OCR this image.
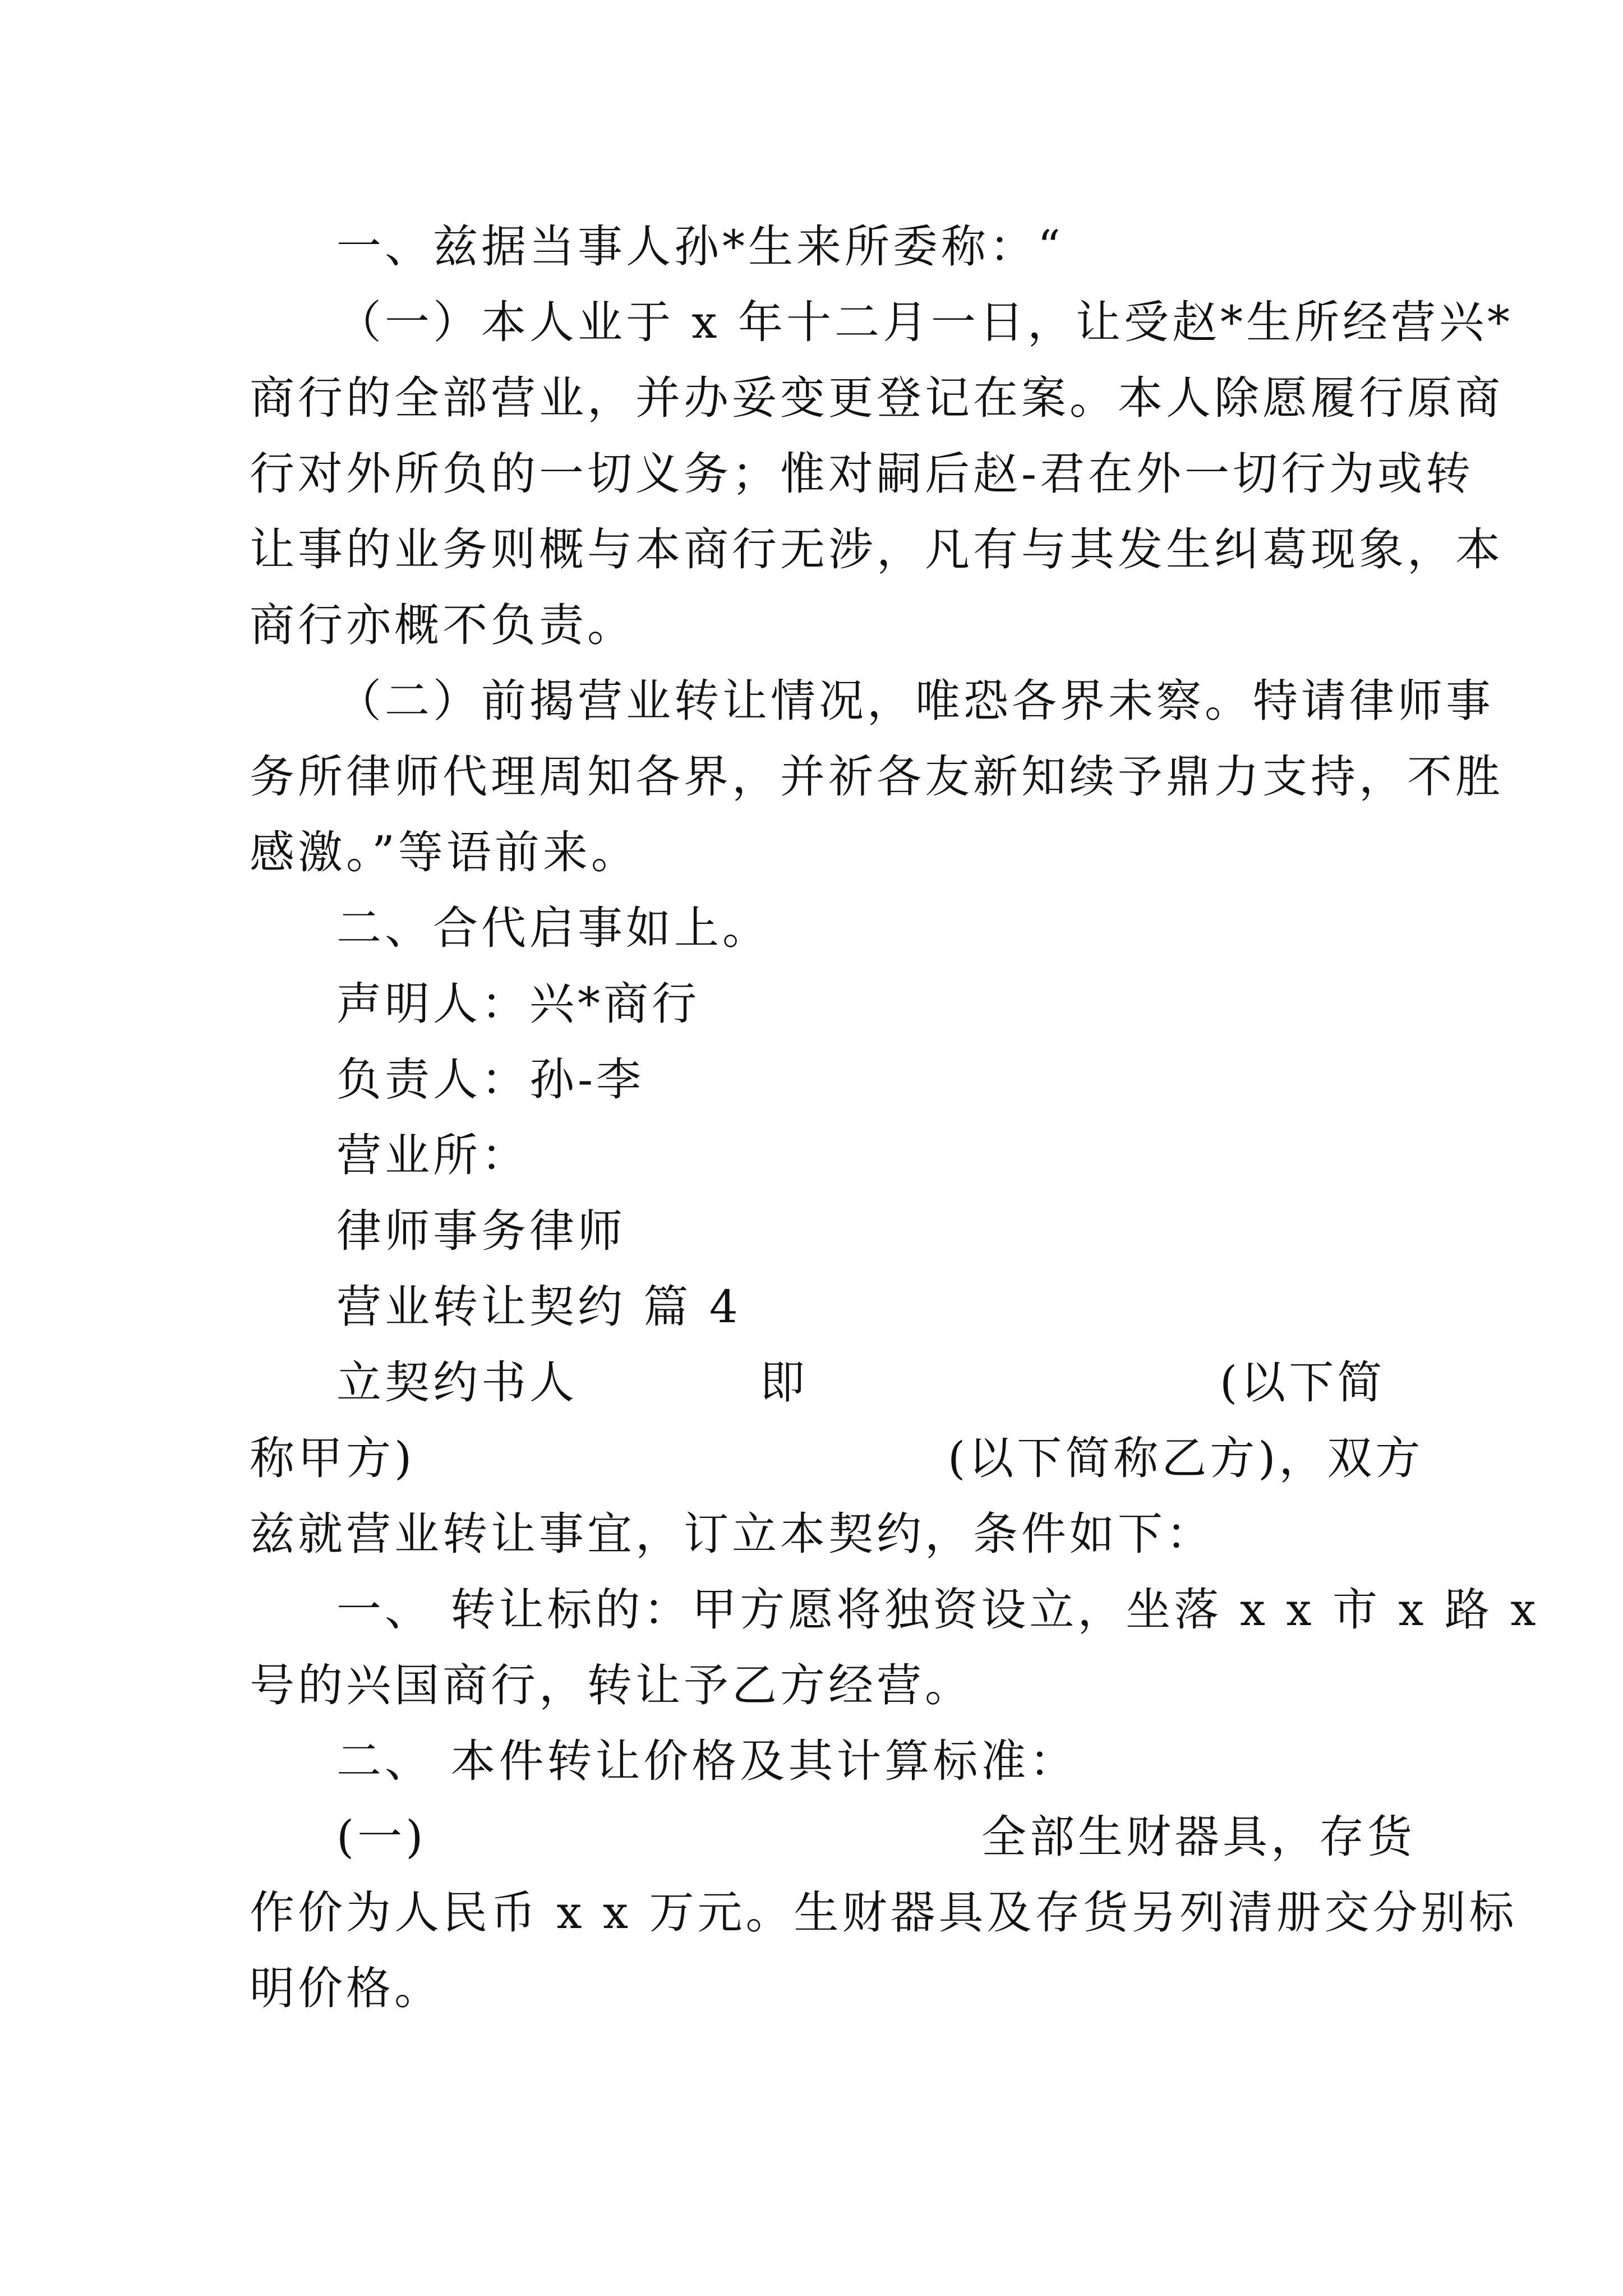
一、兹据当事人孙*生来所委称：“
（一）本人业于 x 年十二月一日，让受赵*生所经营兴*
商行的全部营业，并办妥变更登记在案。本人除愿履行原商
行对外所负的一切义务；惟对嗣后赵-君在外一切行为或转
让事的业务则概与本商行无涉，凡有与其发生纠葛现象，本
商行亦概不负责。
（二）前揭营业转让情况，唯恐各界未察。特请律师事
务所律师代理周知各界，并祈各友新知续予鼎力支持，不胜
感激。”等语前来。
二、合代启事如上。
声明人：兴*商行
负责人：孙-李
营业所：
律师事务律师
营业转让契约 篇 4
立契约书人	即	(以下简
称甲方)	(以下简称乙方)，双方
兹就营业转让事宜，订立本契约，条件如下：
一、 转让标的：甲方愿将独资设立，坐落 x x 市 x 路 x
号的兴国商行，转让予乙方经营。
二、 本件转让价格及其计算标准：
(一)	全部生财器具，存货
作价为人民币 x x 万元。生财器具及存货另列清册交分别标
明价格。
